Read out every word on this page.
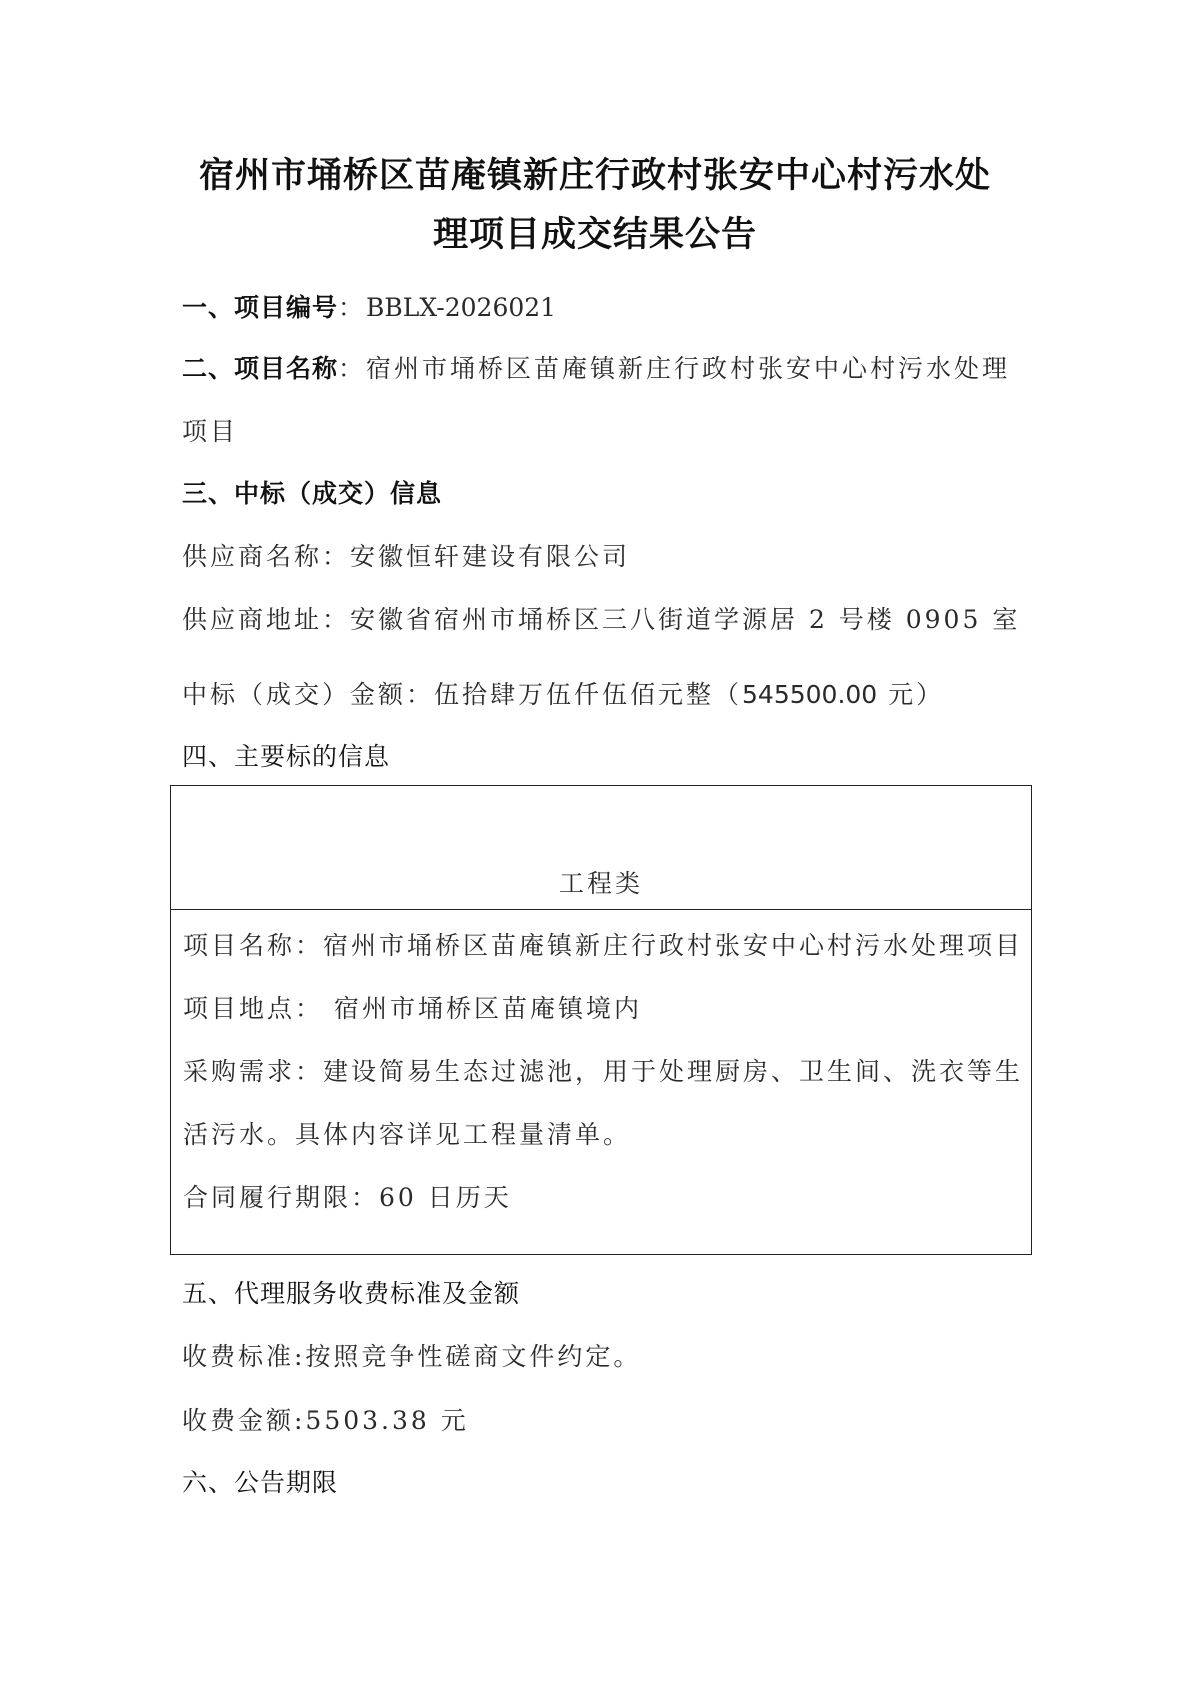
宿州市埇桥区苗庵镇新庄行政村张安中心村污水处
理项目成交结果公告
一、项目编号：BBLX-2026021
二、项目名称：宿州市埇桥区苗庵镇新庄行政村张安中心村污水处理
项目
三、中标（成交）信息
供应商名称：安徽恒轩建设有限公司
供应商地址：安徽省宿州市埇桥区三八街道学源居 2 号楼 0905 室
中标（成交）金额：伍拾肆万伍仟伍佰元整（545500.00 元）
四、主要标的信息
工程类
项目名称：宿州市埇桥区苗庵镇新庄行政村张安中心村污水处理项目
项目地点： 宿州市埇桥区苗庵镇境内
采购需求：建设简易生态过滤池，用于处理厨房、卫生间、洗衣等生
活污水。具体内容详见工程量清单。
合同履行期限：60 日历天
五、代理服务收费标准及金额
收费标准:按照竞争性磋商文件约定。
收费金额:5503.38 元
六、公告期限
